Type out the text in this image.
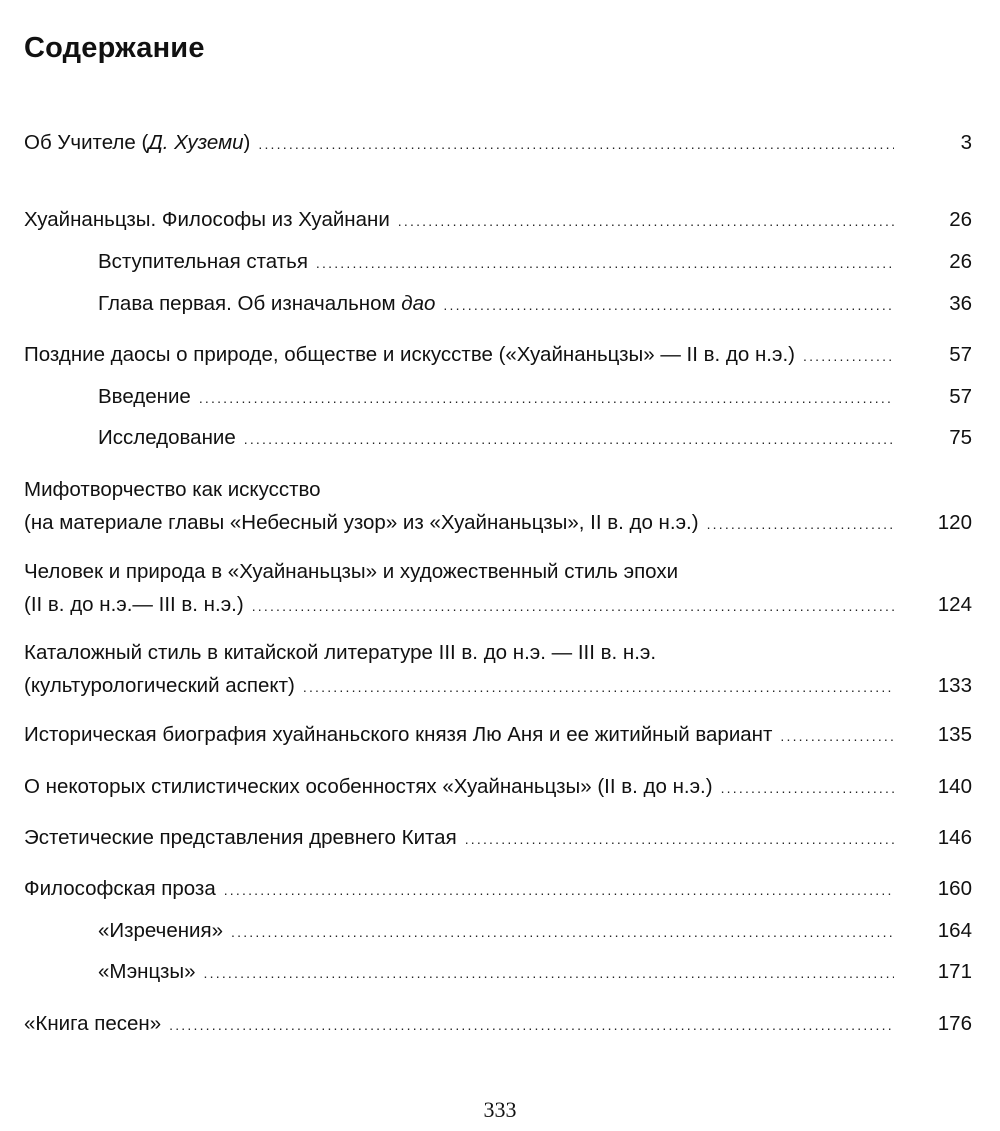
Содержание
Об Учителе (Д. Хуземи) .....	3
Хуайнаньцзы. Философы из Хуайнани .....	26
Вступительная статья .....	26
Глава первая. Об изначальном дао .....	36
Поздние даосы о природе, обществе и искусстве («Хуайнаньцзы» — II в. до н.э.) .....	57
Введение .....	57
Исследование .....	75
Мифотворчество как искусство
(на материале главы «Небесный узор» из «Хуайнаньцзы», II в. до н.э.) .....	120
Человек и природа в «Хуайнаньцзы» и художественный стиль эпохи
(II в. до н.э.— III в. н.э.) .....	124
Каталожный стиль в китайской литературе III в. до н.э. — III в. н.э.
(культурологический аспект) .....	133
Историческая биография хуайнаньского князя Лю Аня и ее житийный вариант .....	135
О некоторых стилистических особенностях «Хуайнаньцзы» (II в. до н.э.) .....	140
Эстетические представления древнего Китая .....	146
Философская проза .....	160
«Изречения» .....	164
«Мэнцзы» .....	171
«Книга песен» .....	176
333
